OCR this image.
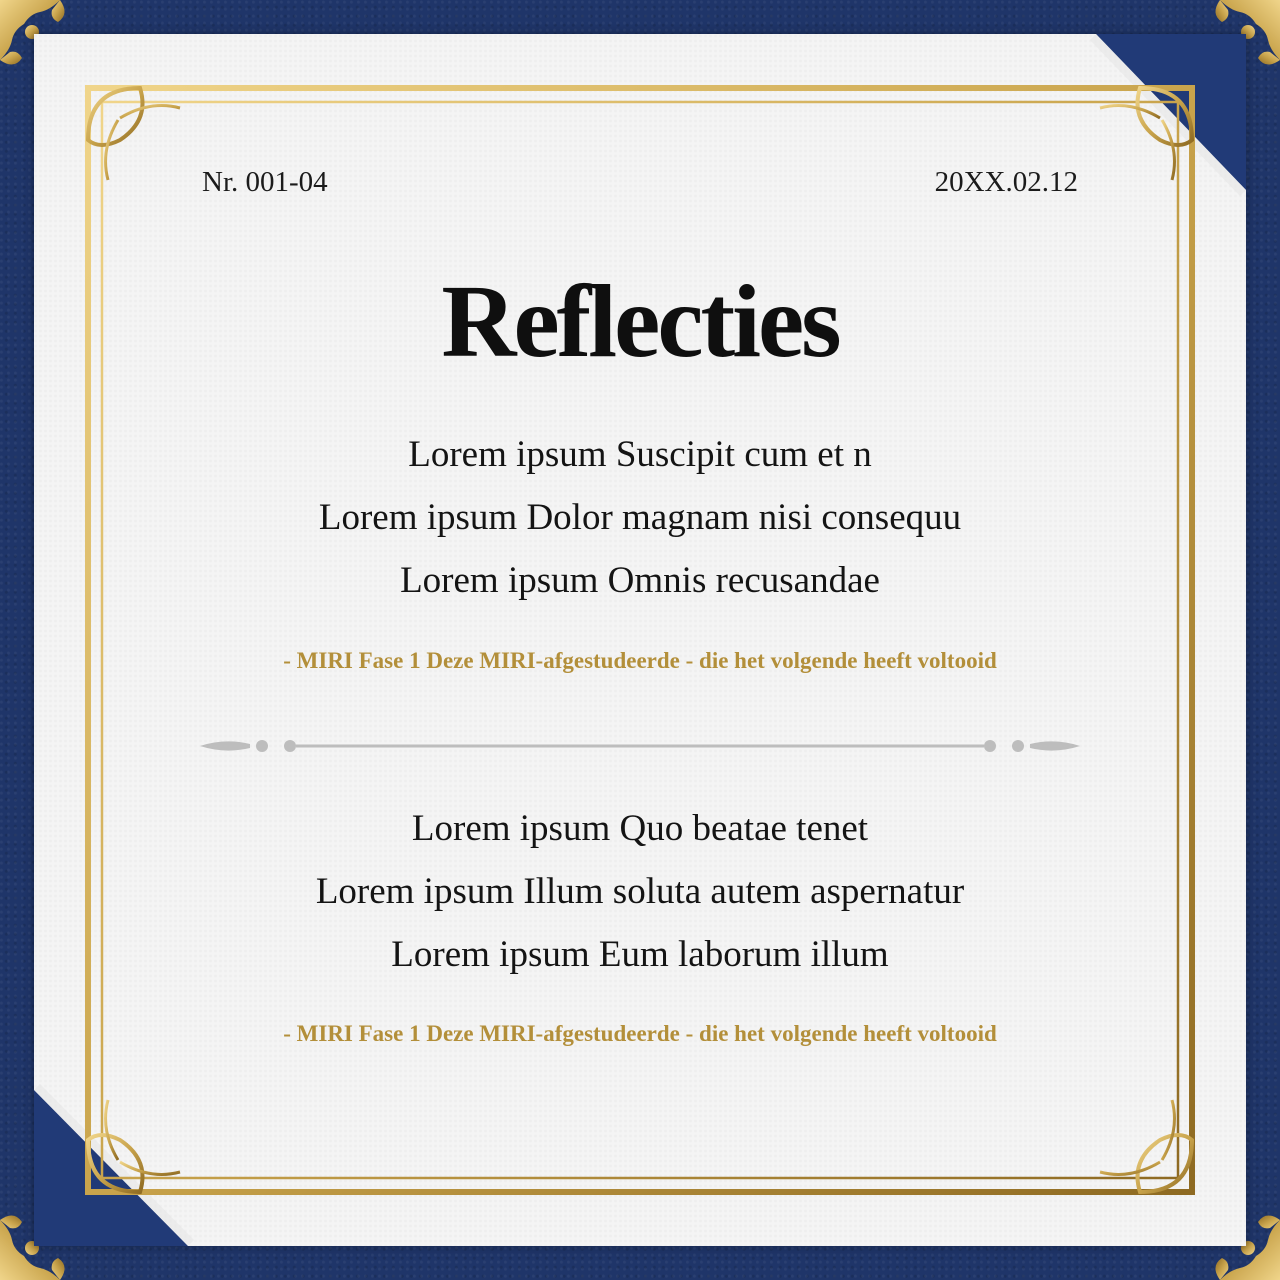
Nr. 001-04	20XX.02.12
Reflecties
Lorem ipsum Suscipit cum et n
Lorem ipsum Dolor magnam nisi consequu
Lorem ipsum Omnis recusandae
- MIRI Fase 1 Deze MIRI-afgestudeerde - die het volgende heeft voltooid
Lorem ipsum Quo beatae tenet
Lorem ipsum Illum soluta autem aspernatur
Lorem ipsum Eum laborum illum
- MIRI Fase 1 Deze MIRI-afgestudeerde - die het volgende heeft voltooid
